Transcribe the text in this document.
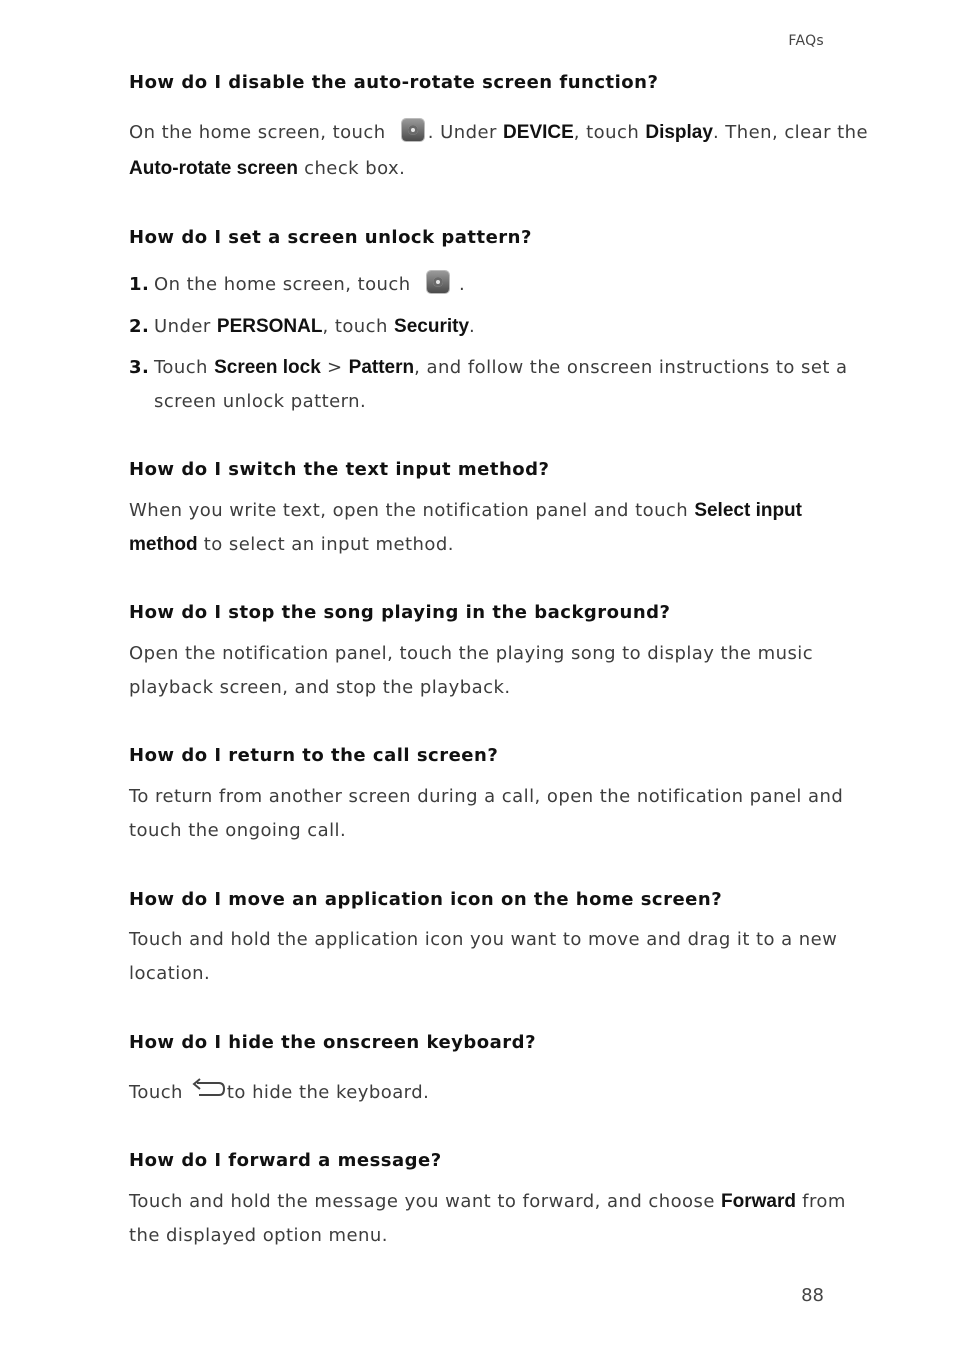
FAQs
How do I disable the auto-rotate screen function?

On the home screen, touch . Under DEVICE, touch Display. Then, clear the

Auto-rotate screen check box.

How do I set a screen unlock pattern?

1. On the home screen, touch	.

2. Under PERSONAL, touch Security.

3. Touch Screen lock > Pattern, and follow the onscreen instructions to set a

screen unlock pattern.

How do I switch the text input method?

When you write text, open the notification panel and touch Select input

method to select an input method.

How do I stop the song playing in the background?

Open the notification panel, touch the playing song to display the music

playback screen, and stop the playback.

How do I return to the call screen?

To return from another screen during a call, open the notification panel and

touch the ongoing call.

How do I move an application icon on the home screen?

Touch and hold the application icon you want to move and drag it to a new

location.

How do I hide the onscreen keyboard?

Touch to hide the keyboard.

How do I forward a message?

Touch and hold the message you want to forward, and choose Forward from

the displayed option menu.

88
